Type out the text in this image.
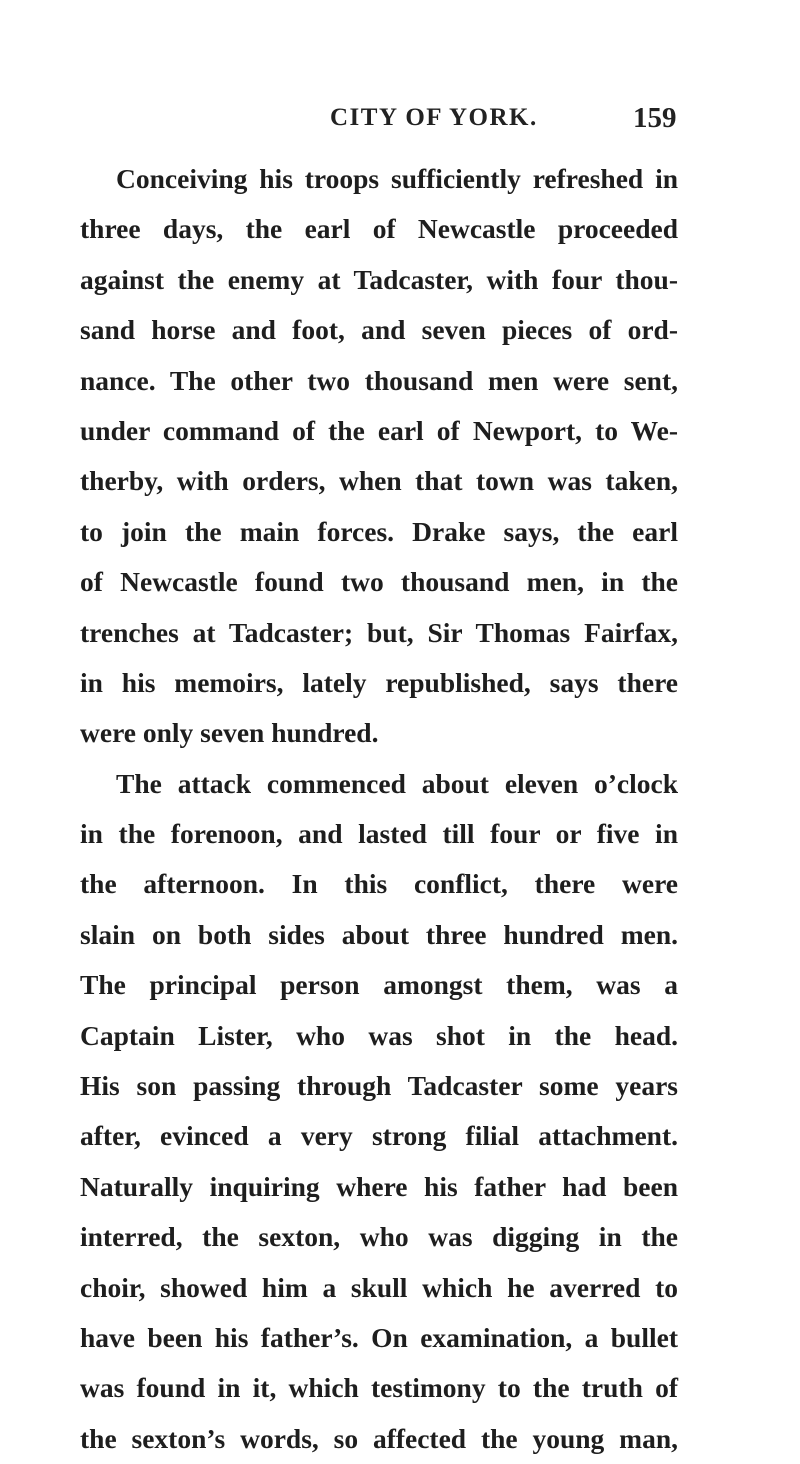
CITY OF YORK.	159
Conceiving his troops sufficiently refreshed in
three days, the earl of Newcastle proceeded
against the enemy at Tadcaster, with four thou-
sand horse and foot, and seven pieces of ord-
nance. The other two thousand men were sent,
under command of the earl of Newport, to We-
therby, with orders, when that town was taken,
to join the main forces. Drake says, the earl
of Newcastle found two thousand men, in the
trenches at Tadcaster; but, Sir Thomas Fairfax,
in his memoirs, lately republished, says there
were only seven hundred.
The attack commenced about eleven o’clock
in the forenoon, and lasted till four or five in
the afternoon. In this conflict, there were
slain on both sides about three hundred men.
The principal person amongst them, was a
Captain Lister, who was shot in the head.
His son passing through Tadcaster some years
after, evinced a very strong filial attachment.
Naturally inquiring where his father had been
interred, the sexton, who was digging in the
choir, showed him a skull which he averred to
have been his father’s. On examination, a bullet
was found in it, which testimony to the truth of
the sexton’s words, so affected the young man,
